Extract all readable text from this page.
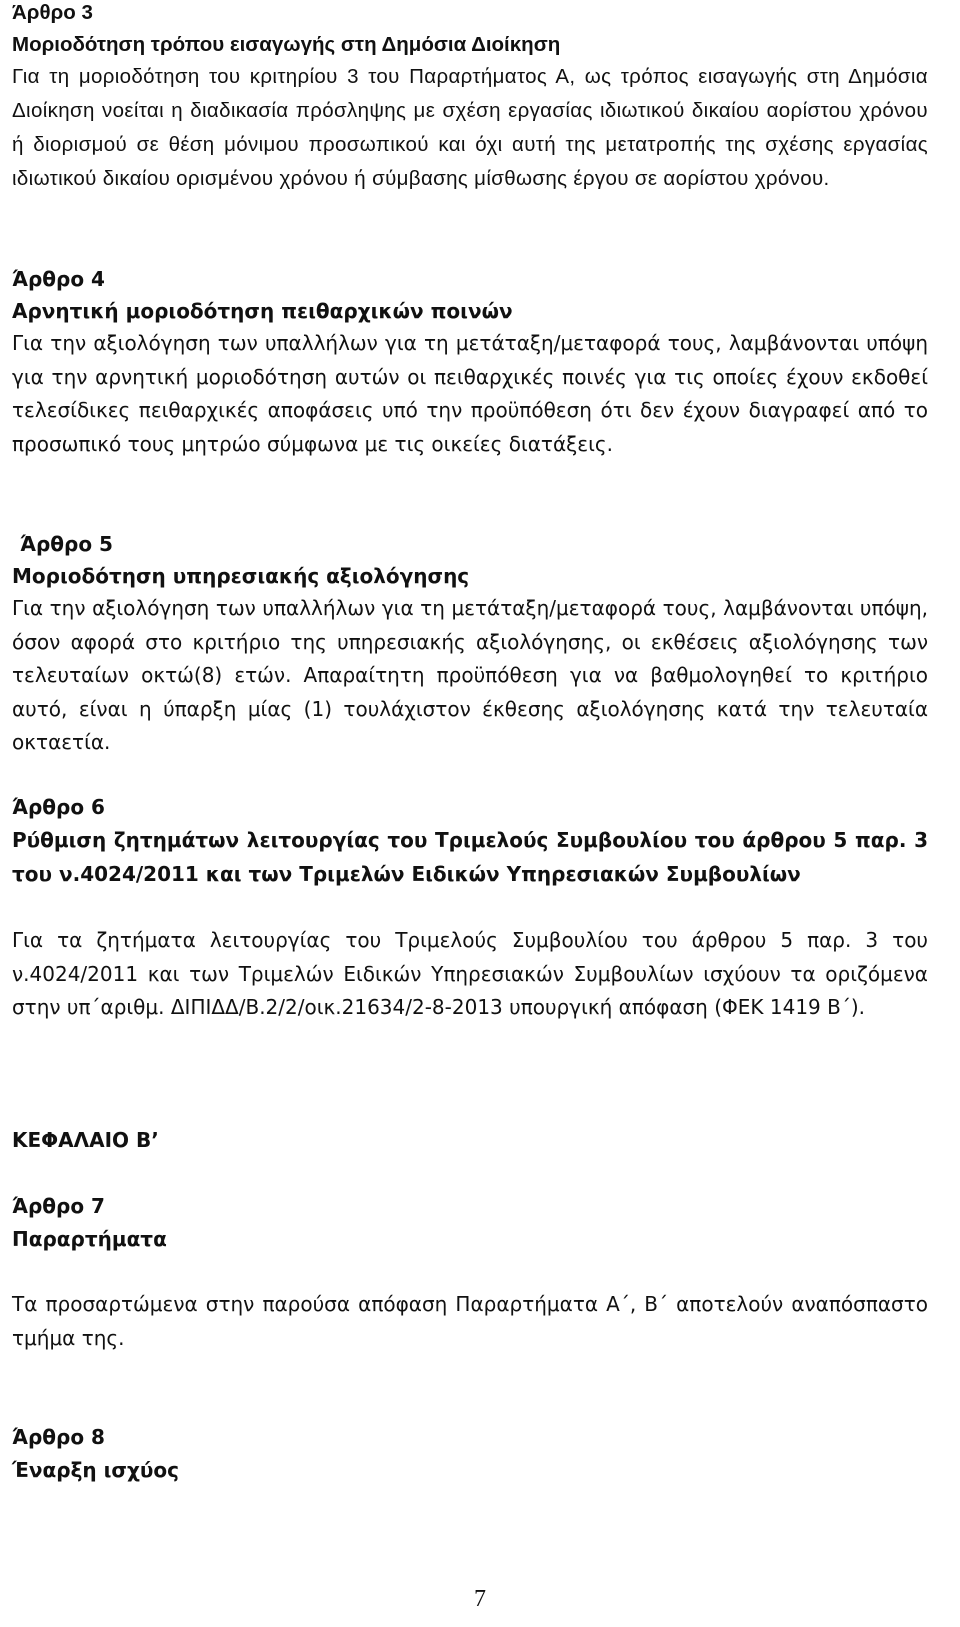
Άρθρο 3
Μοριοδότηση τρόπου εισαγωγής στη Δημόσια Διοίκηση
Για τη μοριοδότηση του κριτηρίου 3 του Παραρτήματος Α, ως τρόπος εισαγωγής στη Δημόσια Διοίκηση νοείται η διαδικασία πρόσληψης με σχέση εργασίας ιδιωτικού δικαίου αορίστου χρόνου ή διορισμού σε θέση μόνιμου προσωπικού και όχι αυτή της μετατροπής της σχέσης εργασίας ιδιωτικού δικαίου ορισμένου χρόνου ή σύμβασης μίσθωσης έργου σε αορίστου χρόνου.
Άρθρο 4
Αρνητική μοριοδότηση πειθαρχικών ποινών
Για την αξιολόγηση των υπαλλήλων για τη μετάταξη/μεταφορά τους, λαμβάνονται υπόψη για την αρνητική μοριοδότηση αυτών οι πειθαρχικές ποινές για τις οποίες έχουν εκδοθεί τελεσίδικες πειθαρχικές αποφάσεις υπό την προϋπόθεση ότι δεν έχουν διαγραφεί από το προσωπικό τους μητρώο σύμφωνα με τις οικείες διατάξεις.
Άρθρο 5
Μοριοδότηση υπηρεσιακής αξιολόγησης
Για την αξιολόγηση των υπαλλήλων για τη μετάταξη/μεταφορά τους, λαμβάνονται υπόψη, όσον αφορά στο κριτήριο της υπηρεσιακής αξιολόγησης, οι εκθέσεις αξιολόγησης των τελευταίων οκτώ(8) ετών. Απαραίτητη προϋπόθεση για να βαθμολογηθεί το κριτήριο αυτό, είναι η ύπαρξη μίας (1) τουλάχιστον έκθεσης αξιολόγησης κατά την τελευταία οκταετία.
Άρθρο 6
Ρύθμιση ζητημάτων λειτουργίας του Τριμελούς Συμβουλίου του άρθρου 5 παρ. 3 του ν.4024/2011 και των Τριμελών Ειδικών Υπηρεσιακών Συμβουλίων
Για τα ζητήματα λειτουργίας του Τριμελούς Συμβουλίου του άρθρου 5 παρ. 3 του ν.4024/2011 και των Τριμελών Ειδικών Υπηρεσιακών Συμβουλίων ισχύουν τα οριζόμενα στην υπ΄αριθμ. ΔΙΠΙΔΔ/Β.2/2/οικ.21634/2-8-2013 υπουργική απόφαση (ΦΕΚ 1419 Β΄).
ΚΕΦΑΛΑΙΟ Β’
Άρθρο 7
Παραρτήματα
Τα προσαρτώμενα στην παρούσα απόφαση Παραρτήματα Α΄, Β΄ αποτελούν αναπόσπαστο τμήμα της.
Άρθρο 8
Έναρξη ισχύος
7
